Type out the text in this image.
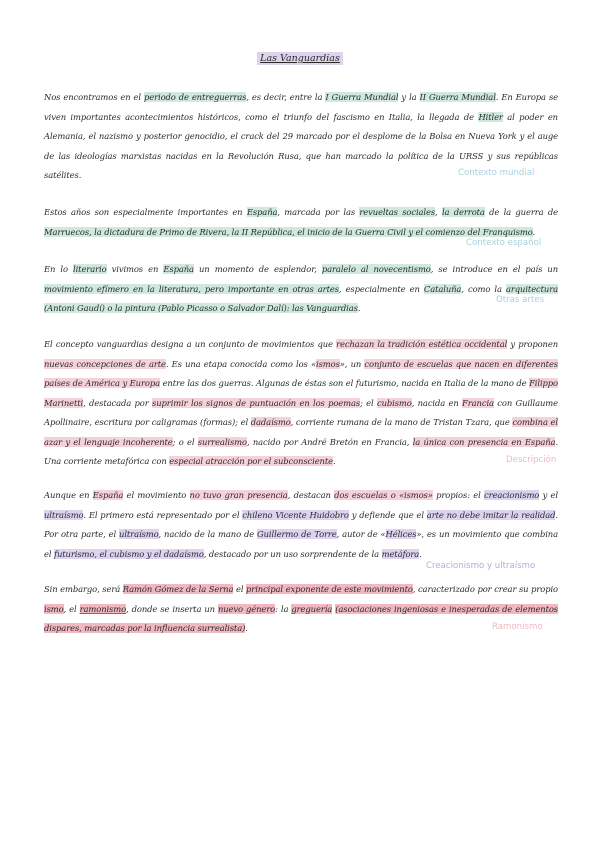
Las Vanguardias
Nos encontramos en el periodo de entreguerras, es decir, entre la I Guerra Mundial y la II Guerra Mundial. En Europa se viven importantes acontecimientos históricos, como el triunfo del fascismo en Italia, la llegada de Hitler al poder en Alemania, el nazismo y posterior genocidio, el crack del 29 marcado por el desplome de la Bolsa en Nueva York y el auge de las ideologías marxistas nacidas en la Revolución Rusa, que han marcado la política de la URSS y sus repúblicas satélites.	Contexto mundial
Estos años son especialmente importantes en España, marcada por las revueltas sociales, la derrota de la guerra de Marruecos, la dictadura de Primo de Rivera, la II República, el inicio de la Guerra Civil y el comienzo del Franquismo.
Contexto español
En lo literario vivimos en España un momento de esplendor, paralelo al novecentismo, se introduce en el país un movimiento efímero en la literatura, pero importante en otras artes, especialmente en Cataluña, como la arquitectura (Antoni Gaudí) o la pintura (Pablo Picasso o Salvador Dalí): las Vanguardias.
Otras artes
El concepto vanguardias designa a un conjunto de movimientos que rechazan la tradición estética occidental y proponen nuevas concepciones de arte. Es una etapa conocida como los «ismos», un conjunto de escuelas que nacen en diferentes países de América y Europa entre las dos guerras. Algunas de éstas son el futurismo, nacida en Italia de la mano de Filippo Marinetti, destacada por suprimir los signos de puntuación en los poemas; el cubismo, nacida en Francia con Guillaume Apollinaire, escritura por caligramas (formas); el dadaísmo, corriente rumana de la mano de Tristan Tzara, que combina el azar y el lenguaje incoherente; o el surrealismo, nacido por André Bretón en Francia, la única con presencia en España. Una corriente metafórica con especial atracción por el subconsciente.	Descripción
Aunque en España el movimiento no tuvo gran presencia, destacan dos escuelas o «ismos» propios: el creacionismo y el ultraísmo. El primero está representado por el chileno Vicente Huidobro y defiende que el arte no debe imitar la realidad. Por otra parte, el ultraísmo, nacido de la mano de Guillermo de Torre, autor de «Hélices», es un movimiento que combina el futurismo, el cubismo y el dadaísmo, destacado por un uso sorprendente de la metáfora.
Creacionismo y ultraísmo
Sin embargo, será Ramón Gómez de la Serna el principal exponente de este movimiento, caracterizado por crear su propio ismo, el ramonismo, donde se inserta un nuevo género: la greguería (asociaciones ingeniosas e inesperadas de elementos dispares, marcadas por la influencia surrealista).	Ramonismo
